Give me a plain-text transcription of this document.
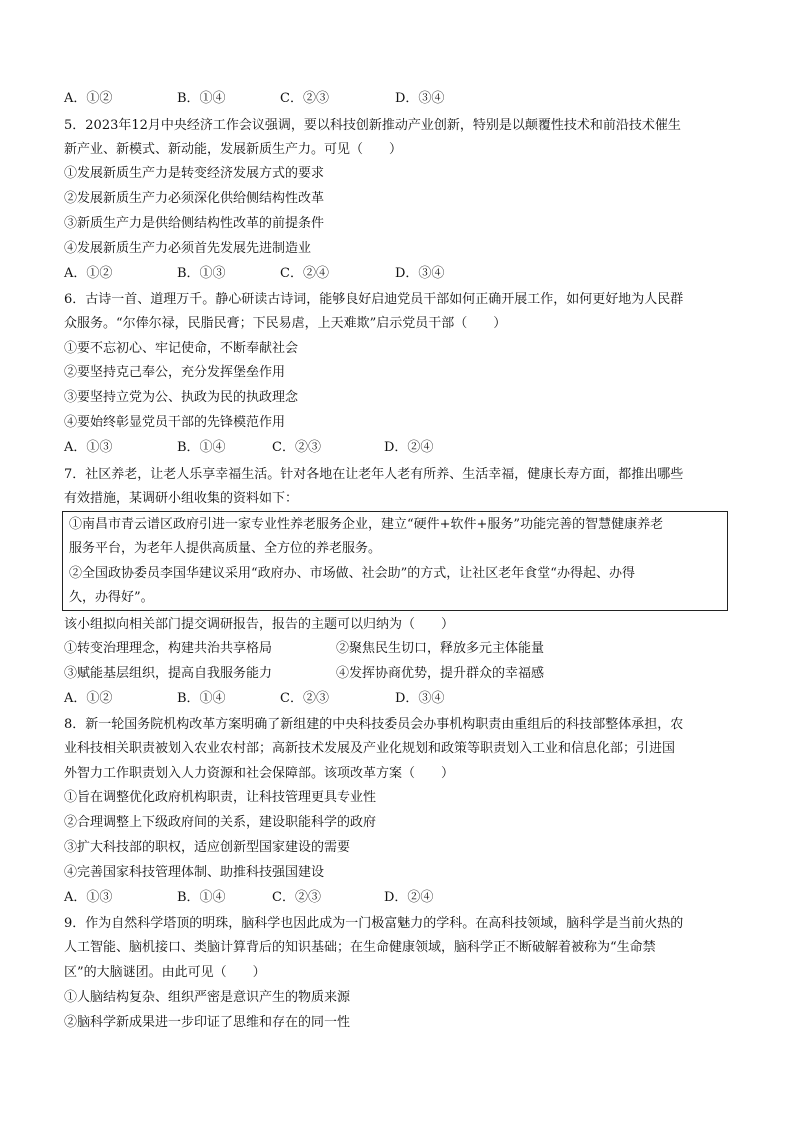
A．①②	B．①④	C．②③	D．③④
5．2023年12月中央经济工作会议强调，要以科技创新推动产业创新，特别是以颠覆性技术和前沿技术催生
新产业、新模式、新动能，发展新质生产力。可见（　　）
①发展新质生产力是转变经济发展方式的要求
②发展新质生产力必须深化供给侧结构性改革
③新质生产力是供给侧结构性改革的前提条件
④发展新质生产力必须首先发展先进制造业
A．①②	B．①③	C．②④	D．③④
6．古诗一首、道理万千。静心研读古诗词，能够良好启迪党员干部如何正确开展工作，如何更好地为人民群
众服务。“尔俸尔禄，民脂民膏；下民易虐，上天难欺”启示党员干部（　　）
①要不忘初心、牢记使命，不断奉献社会
②要坚持克己奉公，充分发挥堡垒作用
③要坚持立党为公、执政为民的执政理念
④要始终彰显党员干部的先锋模范作用
A．①③	B．①④	C．②③	D．②④
7．社区养老，让老人乐享幸福生活。针对各地在让老年人老有所养、生活幸福，健康长寿方面，都推出哪些
有效措施，某调研小组收集的资料如下：
①南昌市青云谱区政府引进一家专业性养老服务企业，建立“硬件+软件+服务”功能完善的智慧健康养老
服务平台，为老年人提供高质量、全方位的养老服务。
②全国政协委员李国华建议采用“政府办、市场做、社会助”的方式，让社区老年食堂“办得起、办得
久，办得好”。
该小组拟向相关部门提交调研报告，报告的主题可以归纳为（　　）
①转变治理理念，构建共治共享格局	②聚焦民生切口，释放多元主体能量
③赋能基层组织，提高自我服务能力	④发挥协商优势，提升群众的幸福感
A．①②	B．①④	C．②③	D．③④
8．新一轮国务院机构改革方案明确了新组建的中央科技委员会办事机构职责由重组后的科技部整体承担，农
业科技相关职责被划入农业农村部；高新技术发展及产业化规划和政策等职责划入工业和信息化部；引进国
外智力工作职责划入人力资源和社会保障部。该项改革方案（　　）
①旨在调整优化政府机构职责，让科技管理更具专业性
②合理调整上下级政府间的关系，建设职能科学的政府
③扩大科技部的职权，适应创新型国家建设的需要
④完善国家科技管理体制、助推科技强国建设
A．①③	B．①④	C．②③	D．②④
9．作为自然科学塔顶的明珠，脑科学也因此成为一门极富魅力的学科。在高科技领域，脑科学是当前火热的
人工智能、脑机接口、类脑计算背后的知识基础；在生命健康领域，脑科学正不断破解着被称为“生命禁
区”的大脑谜团。由此可见（　　）
①人脑结构复杂、组织严密是意识产生的物质来源
②脑科学新成果进一步印证了思维和存在的同一性
